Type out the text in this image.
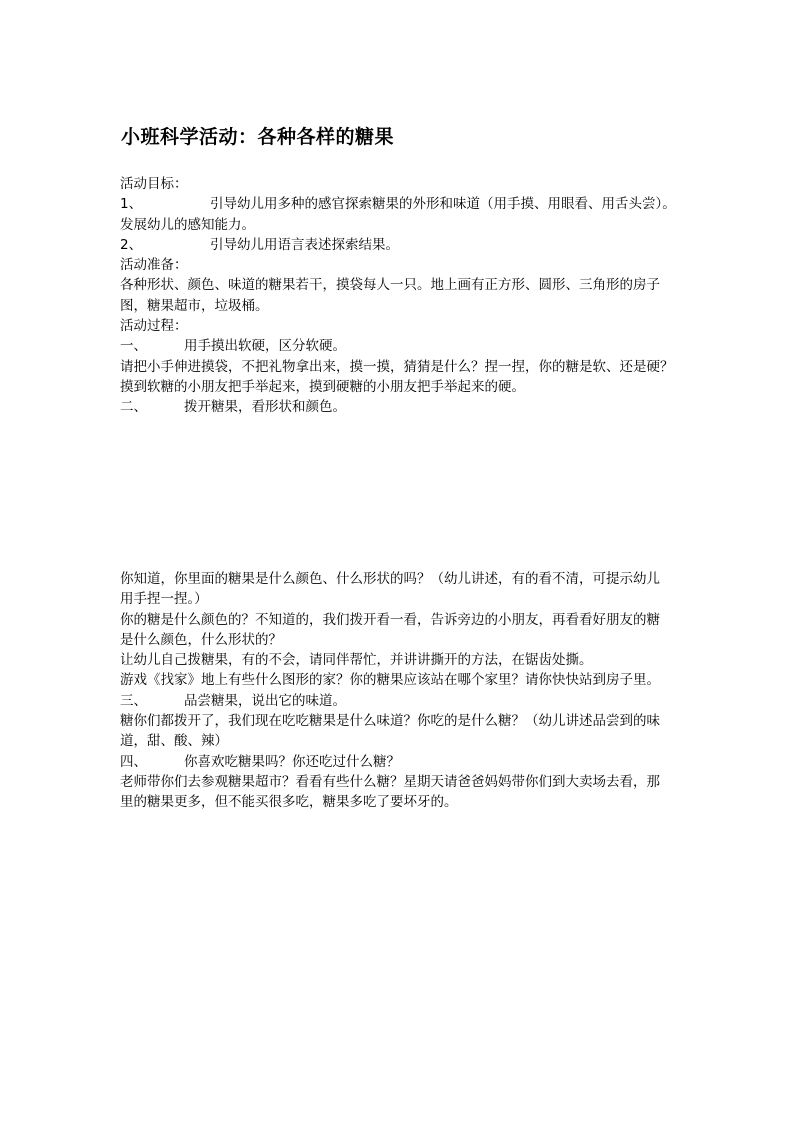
小班科学活动：各种各样的糖果

活动目标：

1、	引导幼儿用多种的感官探索糖果的外形和味道（用手摸、用眼看、用舌头尝）。

发展幼儿的感知能力。

2、	引导幼儿用语言表述探索结果。

活动准备：

各种形状、颜色、味道的糖果若干，摸袋每人一只。地上画有正方形、圆形、三角形的房子

图，糖果超市，垃圾桶。

活动过程：

一、	用手摸出软硬，区分软硬。

请把小手伸进摸袋，不把礼物拿出来，摸一摸，猜猜是什么？捏一捏，你的糖是软、还是硬？

摸到软糖的小朋友把手举起来，摸到硬糖的小朋友把手举起来的硬。

二、	拨开糖果，看形状和颜色。

你知道，你里面的糖果是什么颜色、什么形状的吗？（幼儿讲述，有的看不清，可提示幼儿

用手捏一捏。）

你的糖是什么颜色的？不知道的，我们拨开看一看，告诉旁边的小朋友，再看看好朋友的糖

是什么颜色，什么形状的？

让幼儿自己拨糖果，有的不会，请同伴帮忙，并讲讲撕开的方法，在锯齿处撕。

游戏《找家》地上有些什么图形的家？你的糖果应该站在哪个家里？请你快快站到房子里。

三、	品尝糖果，说出它的味道。

糖你们都拨开了，我们现在吃吃糖果是什么味道？你吃的是什么糖？（幼儿讲述品尝到的味

道，甜、酸、辣）

四、	你喜欢吃糖果吗？你还吃过什么糖？

老师带你们去参观糖果超市？看看有些什么糖？星期天请爸爸妈妈带你们到大卖场去看，那

里的糖果更多，但不能买很多吃，糖果多吃了要坏牙的。
